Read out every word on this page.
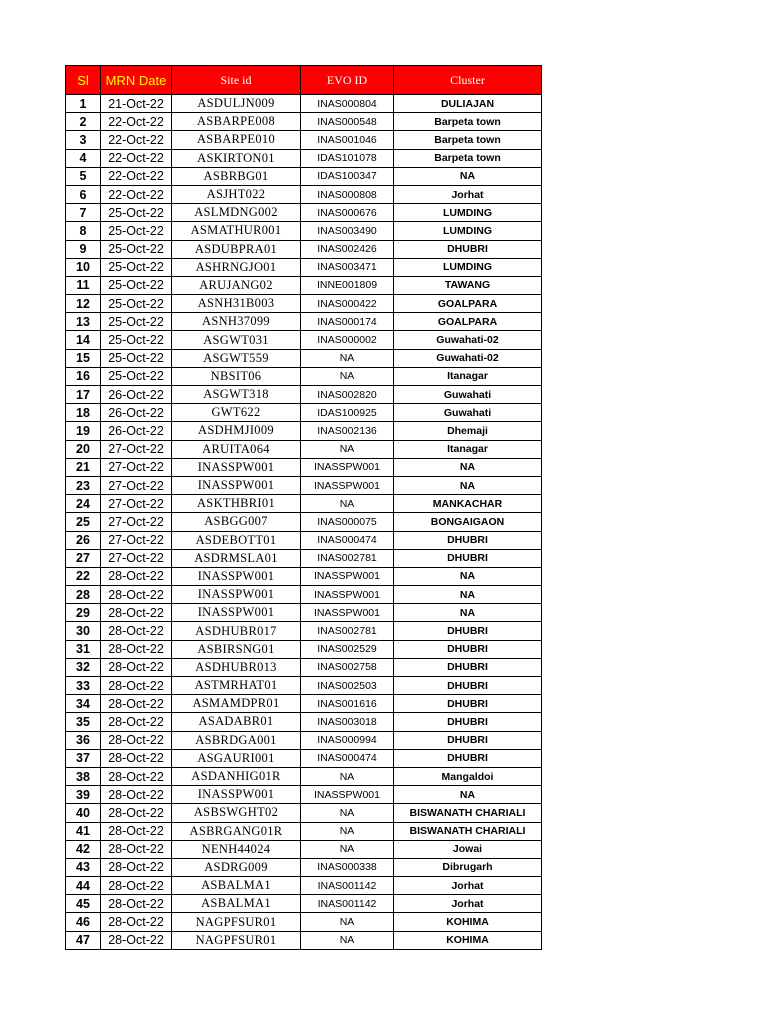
Sl	MRN Date	Site id	EVO ID	Cluster
1	21-Oct-22	ASDULJN009	INAS000804	DULIAJAN
2	22-Oct-22	ASBARPE008	INAS000548	Barpeta town
3	22-Oct-22	ASBARPE010	INAS001046	Barpeta town
4	22-Oct-22	ASKIRTON01	IDAS101078	Barpeta town
5	22-Oct-22	ASBRBG01	IDAS100347	NA
6	22-Oct-22	ASJHT022	INAS000808	Jorhat
7	25-Oct-22	ASLMDNG002	INAS000676	LUMDING
8	25-Oct-22	ASMATHUR001	INAS003490	LUMDING
9	25-Oct-22	ASDUBPRA01	INAS002426	DHUBRI
10	25-Oct-22	ASHRNGJO01	INAS003471	LUMDING
11	25-Oct-22	ARUJANG02	INNE001809	TAWANG
12	25-Oct-22	ASNH31B003	INAS000422	GOALPARA
13	25-Oct-22	ASNH37099	INAS000174	GOALPARA
14	25-Oct-22	ASGWT031	INAS000002	Guwahati-02
15	25-Oct-22	ASGWT559	NA	Guwahati-02
16	25-Oct-22	NBSIT06	NA	Itanagar
17	26-Oct-22	ASGWT318	INAS002820	Guwahati
18	26-Oct-22	GWT622	IDAS100925	Guwahati
19	26-Oct-22	ASDHMJI009	INAS002136	Dhemaji
20	27-Oct-22	ARUITA064	NA	Itanagar
21	27-Oct-22	INASSPW001	INASSPW001	NA
23	27-Oct-22	INASSPW001	INASSPW001	NA
24	27-Oct-22	ASKTHBRI01	NA	MANKACHAR
25	27-Oct-22	ASBGG007	INAS000075	BONGAIGAON
26	27-Oct-22	ASDEBOTT01	INAS000474	DHUBRI
27	27-Oct-22	ASDRMSLA01	INAS002781	DHUBRI
22	28-Oct-22	INASSPW001	INASSPW001	NA
28	28-Oct-22	INASSPW001	INASSPW001	NA
29	28-Oct-22	INASSPW001	INASSPW001	NA
30	28-Oct-22	ASDHUBR017	INAS002781	DHUBRI
31	28-Oct-22	ASBIRSNG01	INAS002529	DHUBRI
32	28-Oct-22	ASDHUBR013	INAS002758	DHUBRI
33	28-Oct-22	ASTMRHAT01	INAS002503	DHUBRI
34	28-Oct-22	ASMAMDPR01	INAS001616	DHUBRI
35	28-Oct-22	ASADABR01	INAS003018	DHUBRI
36	28-Oct-22	ASBRDGA001	INAS000994	DHUBRI
37	28-Oct-22	ASGAURI001	INAS000474	DHUBRI
38	28-Oct-22	ASDANHIG01R	NA	Mangaldoi
39	28-Oct-22	INASSPW001	INASSPW001	NA
40	28-Oct-22	ASBSWGHT02	NA	BISWANATH CHARIALI
41	28-Oct-22	ASBRGANG01R	NA	BISWANATH CHARIALI
42	28-Oct-22	NENH44024	NA	Jowai
43	28-Oct-22	ASDRG009	INAS000338	Dibrugarh
44	28-Oct-22	ASBALMA1	INAS001142	Jorhat
45	28-Oct-22	ASBALMA1	INAS001142	Jorhat
46	28-Oct-22	NAGPFSUR01	NA	KOHIMA
47	28-Oct-22	NAGPFSUR01	NA	KOHIMA
